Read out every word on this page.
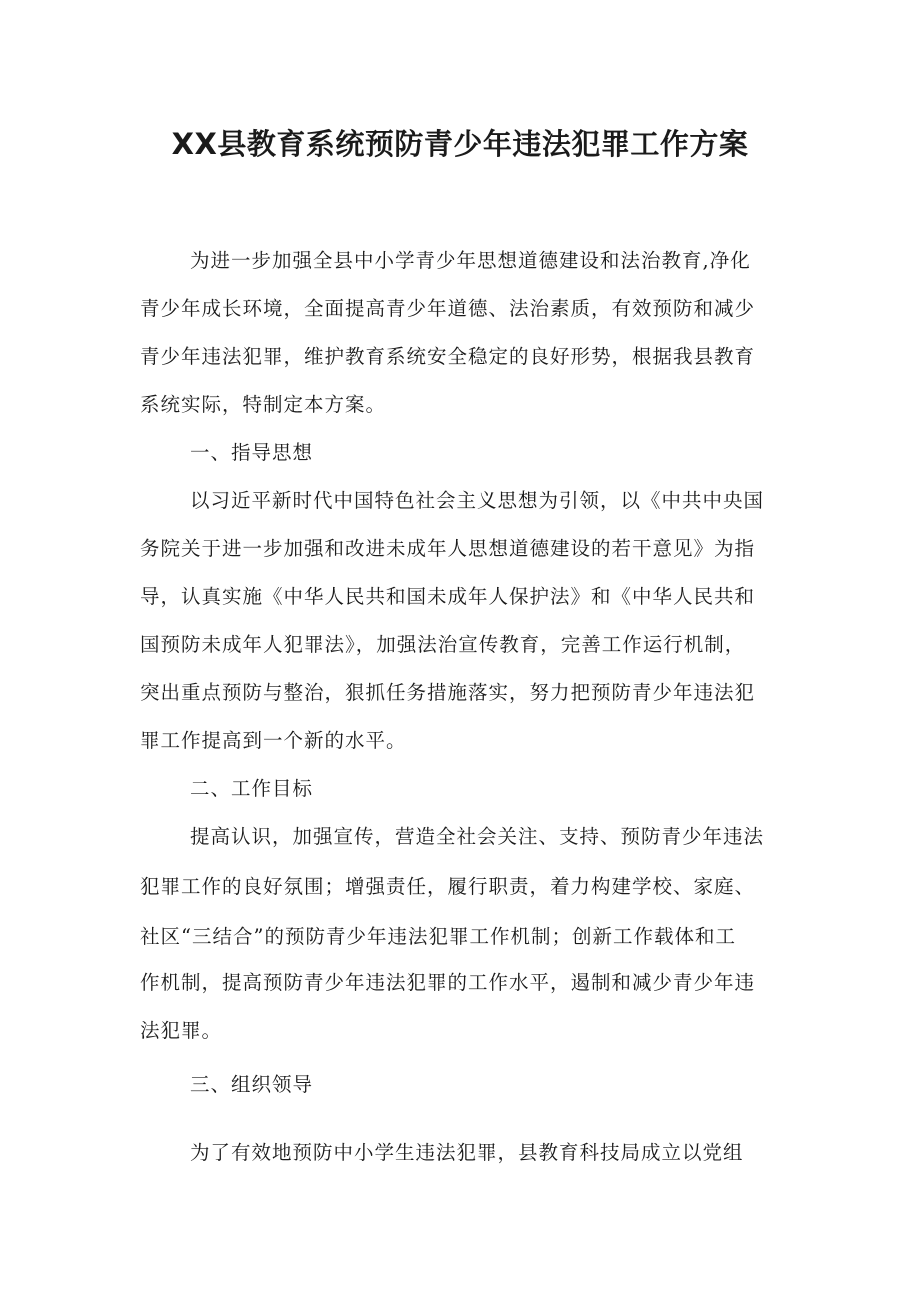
XX县教育系统预防青少年违法犯罪工作方案
为进一步加强全县中小学青少年思想道德建设和法治教育,净化
青少年成长环境，全面提高青少年道德、法治素质，有效预防和减少
青少年违法犯罪，维护教育系统安全稳定的良好形势，根据我县教育
系统实际，特制定本方案。
一、指导思想
以习近平新时代中国特色社会主义思想为引领，以《中共中央国
务院关于进一步加强和改进未成年人思想道德建设的若干意见》为指
导，认真实施《中华人民共和国未成年人保护法》和《中华人民共和
国预防未成年人犯罪法》，加强法治宣传教育，完善工作运行机制，
突出重点预防与整治，狠抓任务措施落实，努力把预防青少年违法犯
罪工作提高到一个新的水平。
二、工作目标
提高认识，加强宣传，营造全社会关注、支持、预防青少年违法
犯罪工作的良好氛围；增强责任，履行职责，着力构建学校、家庭、
社区“三结合”的预防青少年违法犯罪工作机制；创新工作载体和工
作机制，提高预防青少年违法犯罪的工作水平，遏制和减少青少年违
法犯罪。
三、组织领导
为了有效地预防中小学生违法犯罪，县教育科技局成立以党组
